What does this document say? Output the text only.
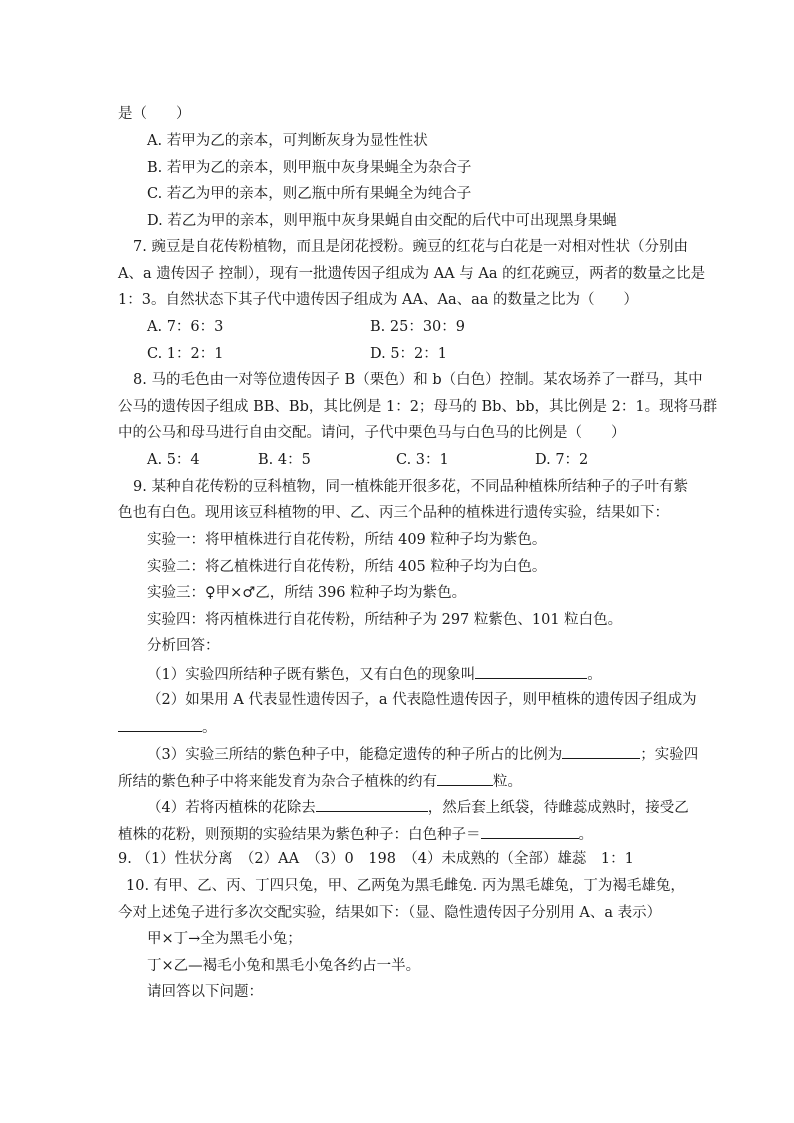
是（　　）
A. 若甲为乙的亲本，可判断灰身为显性性状
B. 若甲为乙的亲本，则甲瓶中灰身果蝇全为杂合子
C. 若乙为甲的亲本，则乙瓶中所有果蝇全为纯合子
D. 若乙为甲的亲本，则甲瓶中灰身果蝇自由交配的后代中可出现黑身果蝇
7. 豌豆是自花传粉植物，而且是闭花授粉。豌豆的红花与白花是一对相对性状（分别由
A、a 遗传因子 控制），现有一批遗传因子组成为 AA 与 Aa 的红花豌豆，两者的数量之比是
1：3。自然状态下其子代中遗传因子组成为 AA、Aa、aa 的数量之比为（　　）
A. 7：6：3	B. 25：30：9
C. 1：2：1	D. 5：2：1
8. 马的毛色由一对等位遗传因子 B（栗色）和 b（白色）控制。某农场养了一群马，其中
公马的遗传因子组成 BB、Bb，其比例是 1：2；母马的 Bb、bb，其比例是 2：1。现将马群
中的公马和母马进行自由交配。请问，子代中栗色马与白色马的比例是（　　）
A. 5：4	B. 4：5	C. 3：1	D. 7：2
9. 某种自花传粉的豆科植物，同一植株能开很多花，不同品种植株所结种子的子叶有紫
色也有白色。现用该豆科植物的甲、乙、丙三个品种的植株进行遗传实验，结果如下：
实验一：将甲植株进行自花传粉，所结 409 粒种子均为紫色。
实验二：将乙植株进行自花传粉，所结 405 粒种子均为白色。
实验三：♀甲×♂乙，所结 396 粒种子均为紫色。
实验四：将丙植株进行自花传粉，所结种子为 297 粒紫色、101 粒白色。
分析回答：
（1）实验四所结种子既有紫色，又有白色的现象叫	。
（2）如果用 A 代表显性遗传因子，a 代表隐性遗传因子，则甲植株的遗传因子组成为
。
（3）实验三所结的紫色种子中，能稳定遗传的种子所占的比例为	；实验四
所结的紫色种子中将来能发育为杂合子植株的约有	粒。
（4）若将丙植株的花除去	，然后套上纸袋，待雌蕊成熟时，接受乙
植株的花粉，则预期的实验结果为紫色种子：白色种子＝	。
9. （1）性状分离　（2）AA　（3）0　198　（4）未成熟的（全部）雄蕊　1：1
10. 有甲、乙、丙、丁四只兔，甲、乙两兔为黑毛雌兔. 丙为黑毛雄兔，丁为褐毛雄兔，
今对上述兔子进行多次交配实验，结果如下：（显、隐性遗传因子分别用 A、a 表示）
甲×丁→全为黑毛小兔；
丁×乙—褐毛小兔和黑毛小兔各约占一半。
请回答以下问题：
